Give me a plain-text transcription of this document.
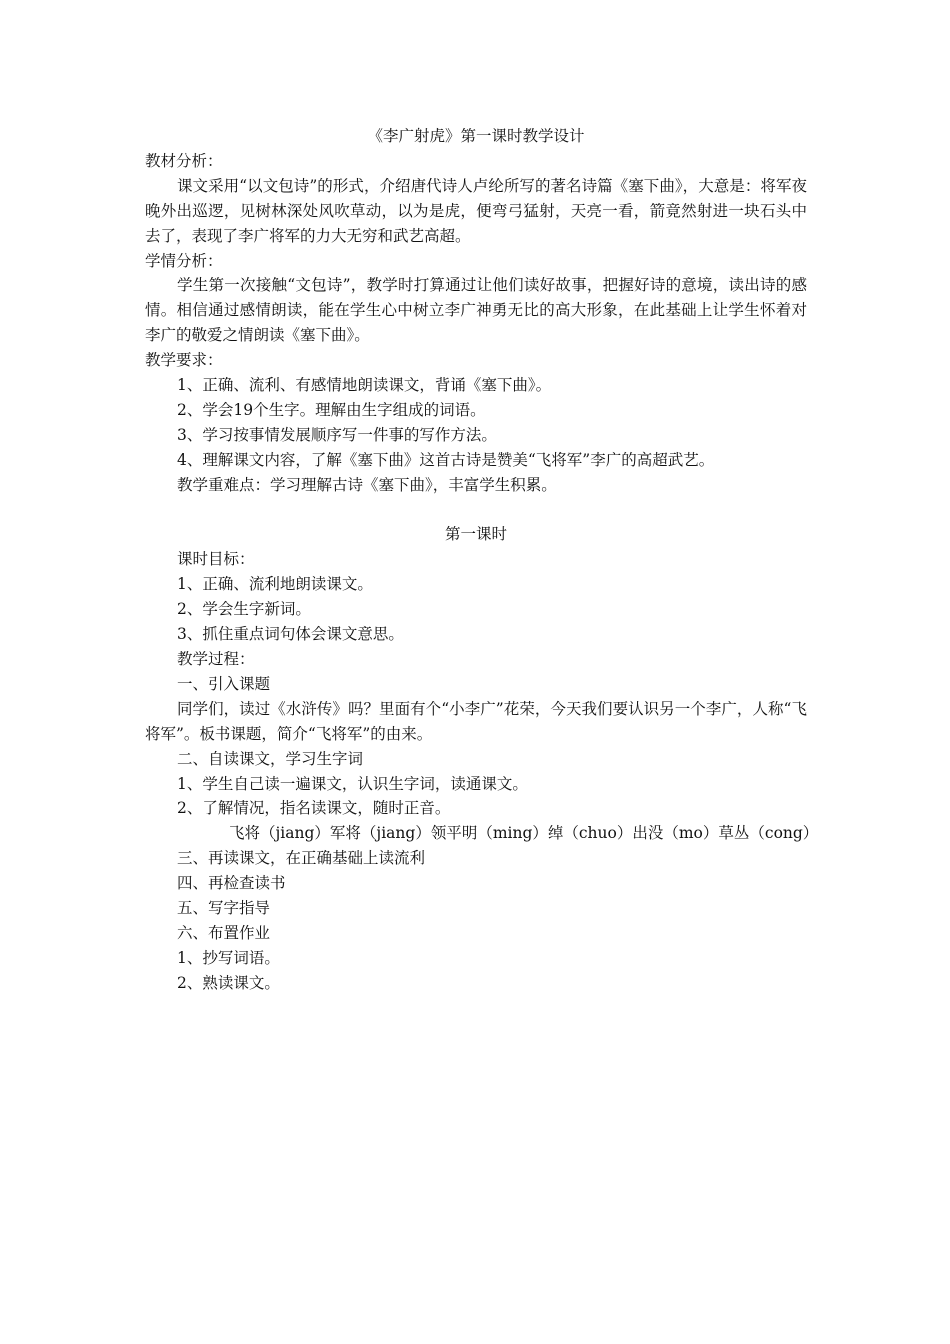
《李广射虎》第一课时教学设计

教材分析：

课文采用“以文包诗”的形式，介绍唐代诗人卢纶所写的著名诗篇《塞下曲》，大意是：将军夜晚外出巡逻，见树林深处风吹草动，以为是虎，便弯弓猛射，天亮一看，箭竟然射进一块石头中去了，表现了李广将军的力大无穷和武艺高超。

学情分析：

学生第一次接触“文包诗”，教学时打算通过让他们读好故事，把握好诗的意境，读出诗的感情。相信通过感情朗读，能在学生心中树立李广神勇无比的高大形象，在此基础上让学生怀着对李广的敬爱之情朗读《塞下曲》。

教学要求：

1、正确、流利、有感情地朗读课文，背诵《塞下曲》。

2、学会19个生字。理解由生字组成的词语。

3、学习按事情发展顺序写一件事的写作方法。

4、理解课文内容，了解《塞下曲》这首古诗是赞美“飞将军”李广的高超武艺。

教学重难点：学习理解古诗《塞下曲》，丰富学生积累。

第一课时

课时目标：

1、正确、流利地朗读课文。

2、学会生字新词。

3、抓住重点词句体会课文意思。

教学过程：

一、引入课题

同学们，读过《水浒传》吗？里面有个“小李广”花荣，今天我们要认识另一个李广，人称“飞将军”。板书课题，简介“飞将军”的由来。

二、自读课文，学习生字词

1、学生自己读一遍课文，认识生字词，读通课文。

2、了解情况，指名读课文，随时正音。

飞将（jiang）军将（jiang）领平明（ming）绰（chuo）出没（mo）草丛（cong）

三、再读课文，在正确基础上读流利

四、再检查读书

五、写字指导

六、布置作业

1、抄写词语。

2、熟读课文。
